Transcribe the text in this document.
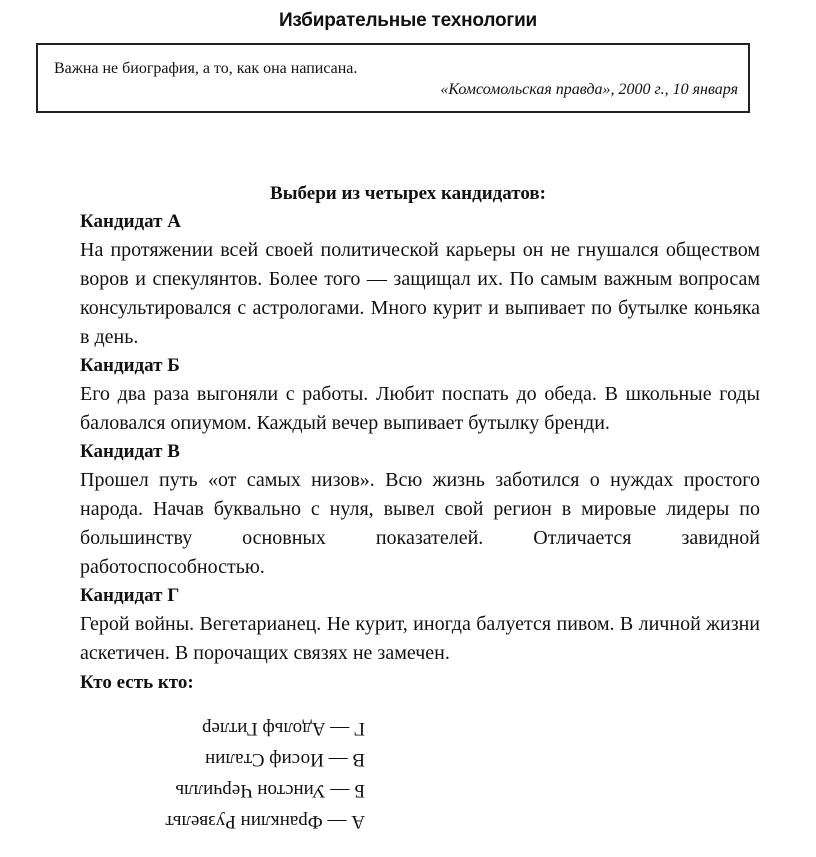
Избирательные технологии
Важна не биография, а то, как она написана.
«Комсомольская правда», 2000 г., 10 января
Выбери из четырех кандидатов:

Кандидат А

На протяжении всей своей политической карьеры он не гнушался обществом воров и спекулянтов. Более того — защищал их. По самым важным вопросам консультировался с астрологами. Много курит и выпивает по бутылке коньяка в день.

Кандидат Б

Его два раза выгоняли с работы. Любит поспать до обеда. В школьные годы баловался опиумом. Каждый вечер выпивает бутылку бренди.

Кандидат В

Прошел путь «от самых низов». Всю жизнь заботился о нуждах простого народа. Начав буквально с нуля, вывел свой регион в мировые лидеры по большинству основных показателей. Отличается завидной работоспособностью.

Кандидат Г

Герой войны. Вегетарианец. Не курит, иногда балуется пивом. В личной жизни аскетичен. В порочащих связях не замечен.

Кто есть кто:

А — Франклин Рузвельт
Б — Уинстон Черчилль
В — Иосиф Сталин
Г — Адольф Гитлер
